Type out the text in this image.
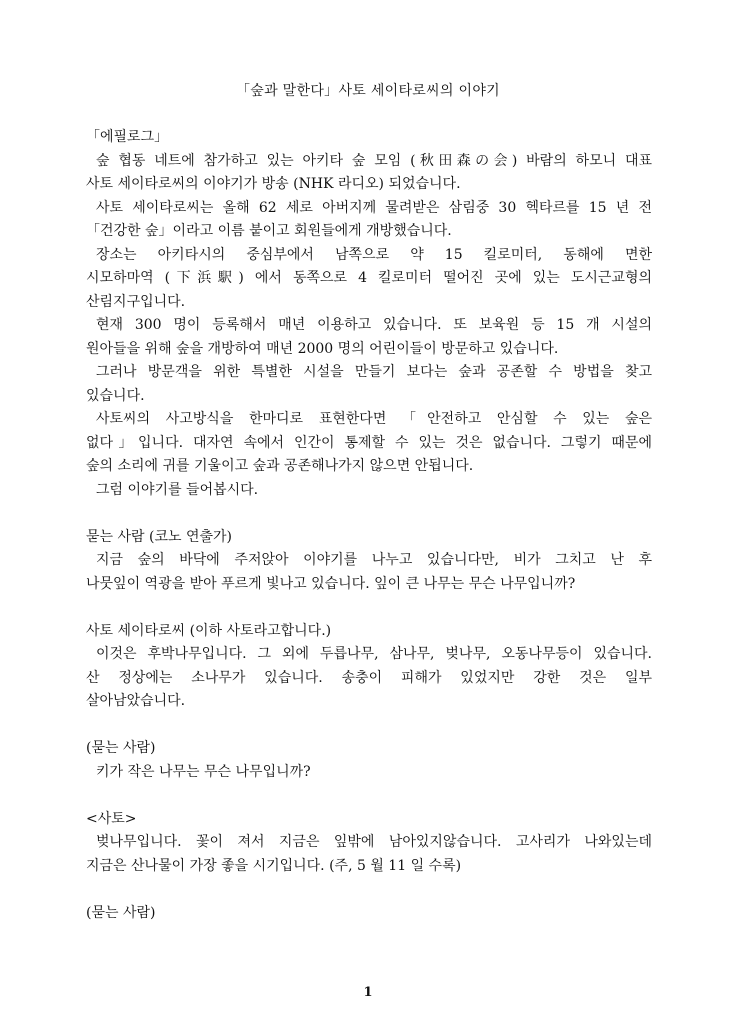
「숲과 말한다」사토 세이타로씨의 이야기
「에필로그」
숲 협동 네트에 참가하고 있는 아키타 숲 모임 (秋田森の会) 바람의 하모니 대표
사토 세이타로씨의 이야기가 방송 (NHK 라디오) 되었습니다.
사토 세이타로씨는 올해 62 세로 아버지께 물려받은 삼림중 30 헥타르를 15 년 전
「건강한 숲」이라고 이름 붙이고 회원들에게 개방했습니다.
장소는 아키타시의 중심부에서 남쪽으로 약 15 킬로미터, 동해에 면한
시모하마역 (下浜駅) 에서 동쪽으로 4 킬로미터 떨어진 곳에 있는 도시근교형의
산림지구입니다.
현재 300 명이 등록해서 매년 이용하고 있습니다. 또 보육원 등 15 개 시설의
원아들을 위해 숲을 개방하여 매년 2000 명의 어린이들이 방문하고 있습니다.
그러나 방문객을 위한 특별한 시설을 만들기 보다는 숲과 공존할 수 방법을 찾고
있습니다.
사토씨의 사고방식을 한마디로 표현한다면 「안전하고 안심할 수 있는 숲은
없다」입니다. 대자연 속에서 인간이 통제할 수 있는 것은 없습니다. 그렇기 때문에
숲의 소리에 귀를 기울이고 숲과 공존해나가지 않으면 안됩니다.
그럼 이야기를 들어봅시다.
묻는 사람 (코노 연출가)
지금 숲의 바닥에 주저앉아 이야기를 나누고 있습니다만, 비가 그치고 난 후
나뭇잎이 역광을 받아 푸르게 빛나고 있습니다. 잎이 큰 나무는 무슨 나무입니까?
사토 세이타로씨 (이하 사토라고합니다.)
이것은 후박나무입니다. 그 외에 두릅나무, 삼나무, 벚나무, 오동나무등이 있습니다.
산 정상에는 소나무가 있습니다. 송충이 피해가 있었지만 강한 것은 일부
살아남았습니다.
(묻는 사람)
키가 작은 나무는 무슨 나무입니까?
<사토>
벚나무입니다. 꽃이 져서 지금은 잎밖에 남아있지않습니다. 고사리가 나와있는데
지금은 산나물이 가장 좋을 시기입니다. (주, 5 월 11 일 수록)
(묻는 사람)
1
